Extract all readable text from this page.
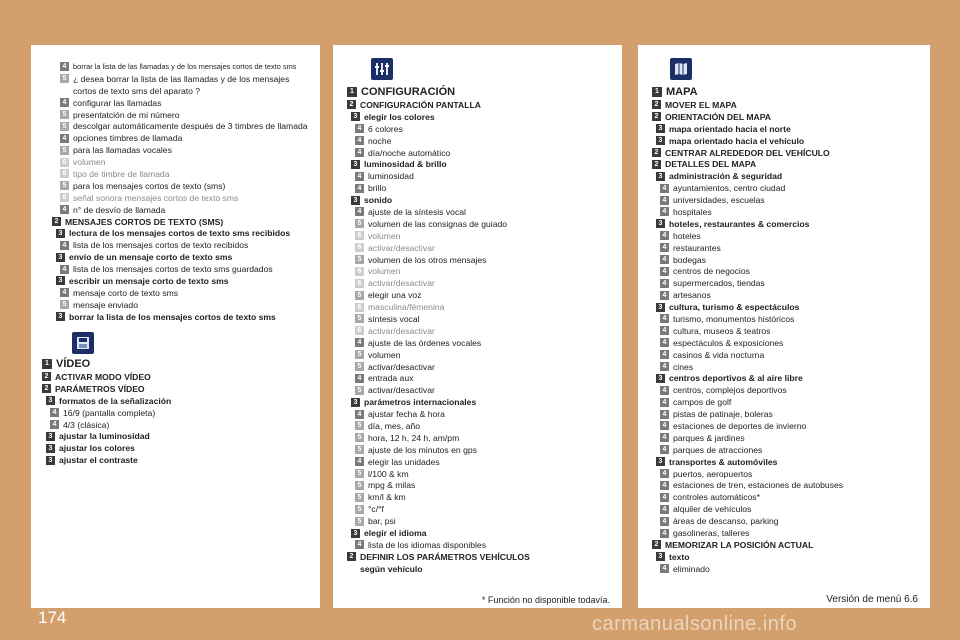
4 borrar la lista de las llamadas y de los mensajes cortos de texto sms
5 ¿ desea borrar la lista de las llamadas y de los mensajes
cortos de texto sms del aparato ?
4 configurar las llamadas
5 presentatción de mi número
5 descolgar automáticamente después de 3 timbres de llamada
4 opciones timbres de llamada
5 para las llamadas vocales
6 volumen
6 tipo de timbre de llamada
5 para los mensajes cortos de texto (sms)
6 señal sonora mensajes cortos de texto sms
4 n° de desvío de llamada
2 MENSAJES CORTOS DE TEXTO (SMS)
3 lectura de los mensajes cortos de texto sms recibidos
4 lista de los mensajes cortos de texto recibidos
3 envío de un mensaje corto de texto sms
4 lista de los mensajes cortos de texto sms guardados
3 escribir un mensaje corto de texto sms
4 mensaje corto de texto sms
5 mensaje enviado
3 borrar la lista de los mensajes cortos de texto sms
1 VÍDEO
2 ACTIVAR MODO VÍDEO
2 PARÁMETROS VÍDEO
3 formatos de la señalización
4 16/9 (pantalla completa)
4 4/3 (clásica)
3 ajustar la luminosidad
3 ajustar los colores
3 ajustar el contraste
1 CONFIGURACIÓN
2 CONFIGURACIÓN PANTALLA
3 elegir los colores
4 6 colores
4 noche
4 día/noche automático
3 luminosidad & brillo
4 luminosidad
4 brillo
3 sonido
4 ajuste de la síntesis vocal
5 volumen de las consignas de guiado
6 volumen
6 activar/desactivar
5 volumen de los otros mensajes
6 volumen
6 activar/desactivar
5 elegir una voz
6 masculina/fémenina
5 síntesis vocal
6 activar/desactivar
4 ajuste de las órdenes vocales
5 volumen
5 activar/desactivar
4 entrada aux
5 activar/desactivar
3 parámetros internacionales
4 ajustar fecha & hora
5 día, mes, año
5 hora, 12 h, 24 h, am/pm
5 ajuste de los minutos en gps
4 elegir las unidades
5 l/100 & km
5 mpg & milas
5 km/l & km
5 °c/°f
5 bar, psi
3 elegir el idioma
4 lista de los idiomas disponibles
2 DEFINIR LOS PARÁMETROS VEHÍCULOS
según vehículo
1 MAPA
2 MOVER EL MAPA
2 ORIENTACIÓN DEL MAPA
3 mapa orientado hacia el norte
3 mapa orientado hacia el vehículo
2 CENTRAR ALREDEDOR DEL VEHÍCULO
2 DETALLES DEL MAPA
3 administración & seguridad
4 ayuntamientos, centro ciudad
4 universidades, escuelas
4 hospitales
3 hoteles, restaurantes & comercios
4 hoteles
4 restaurantes
4 bodegas
4 centros de negocios
4 supermercados, tiendas
4 artesanos
3 cultura, turismo & espectáculos
4 turismo, monumentos históricos
4 cultura, museos & teatros
4 espectáculos & exposiciones
4 casinos & vida nocturna
4 cines
3 centros deportivos & al aire libre
4 centros, complejos deportivos
4 campos de golf
4 pistas de patinaje, boleras
4 estaciones de deportes de invierno
4 parques & jardines
4 parques de atracciones
3 transportes & automóviles
4 puertos, aeropuertos
4 estaciones de tren, estaciones de autobuses
4 controles automáticos*
4 alquiler de vehículos
4 áreas de descanso, parking
4 gasolineras, talleres
2 MEMORIZAR LA POSICIÓN ACTUAL
3 texto
4 eliminado
* Función no disponible todavía.	Versión de menú 6.6
174	carmanualsonline.info
